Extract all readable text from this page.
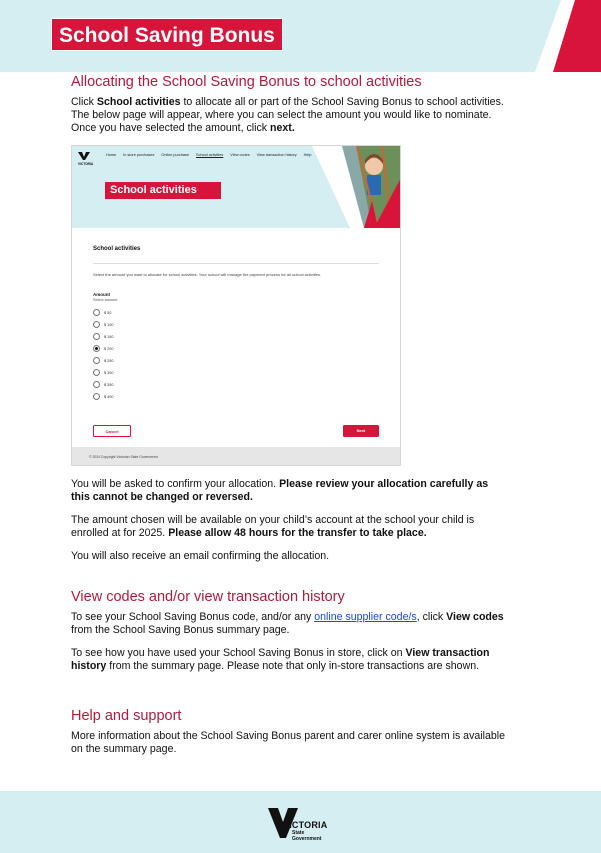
School Saving Bonus
Allocating the School Saving Bonus to school activities
Click School activities to allocate all or part of the School Saving Bonus to school activities.
The below page will appear, where you can select the amount you would like to nominate.
Once you have selected the amount, click next.
VICTORIA
Home In store purchases Online purchase School activities View codes View transaction history Help
School activities
School activities
Select the amount you want to allocate for school activities. Your school will manage the payment process for all school activities.
Amount
Select amount
$ 50
$ 100
$ 150
$ 200
$ 250
$ 300
$ 350
$ 400
Cancel	Next
© 2024 Copyright Victorian State Government
You will be asked to confirm your allocation. Please review your allocation carefully as
this cannot be changed or reversed.
The amount chosen will be available on your child’s account at the school your child is
enrolled at for 2025. Please allow 48 hours for the transfer to take place.
You will also receive an email confirming the allocation.
View codes and/or view transaction history
To see your School Saving Bonus code, and/or any online supplier code/s, click View codes
from the School Saving Bonus summary page.
To see how you have used your School Saving Bonus in store, click on View transaction
history from the summary page. Please note that only in-store transactions are shown.
Help and support
More information about the School Saving Bonus parent and carer online system is available
on the summary page.
VICTORIA
State
Government
